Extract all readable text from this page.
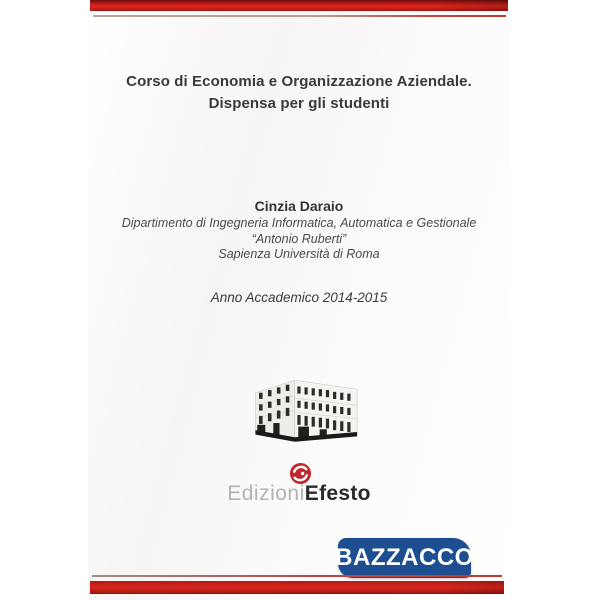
Corso di Economia e Organizzazione Aziendale.
Dispensa per gli studenti
Cinzia Daraio
Dipartimento di Ingegneria Informatica, Automatica e Gestionale
“Antonio Ruberti”
Sapienza Università di Roma
Anno Accademico 2014-2015
EdizioniEfesto
BAZZACCO
